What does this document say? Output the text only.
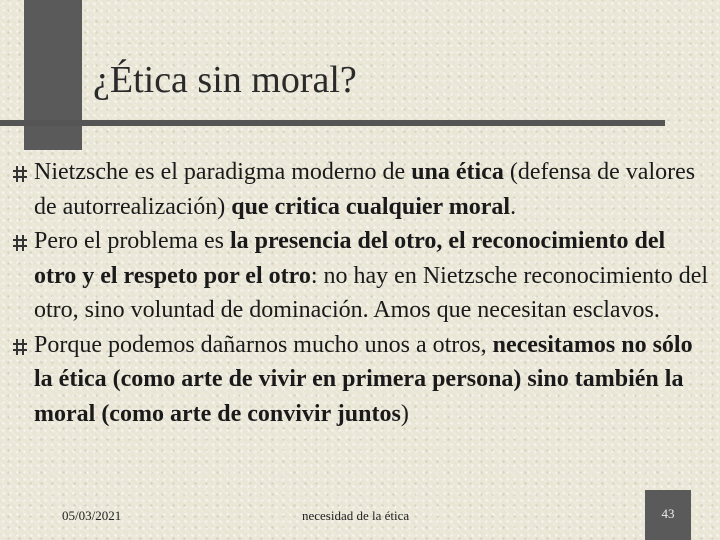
¿Ética sin moral?
Nietzsche es el paradigma moderno de una ética (defensa de valores de autorrealización) que critica cualquier moral.
Pero el problema es la presencia del otro, el reconocimiento del otro y el respeto por el otro: no hay en Nietzsche reconocimiento del otro, sino voluntad de dominación. Amos que necesitan esclavos.
Porque podemos dañarnos mucho unos a otros, necesitamos no sólo la ética (como arte de vivir en primera persona) sino también la moral (como arte de convivir juntos)
05/03/2021	necesidad de la ética	43
